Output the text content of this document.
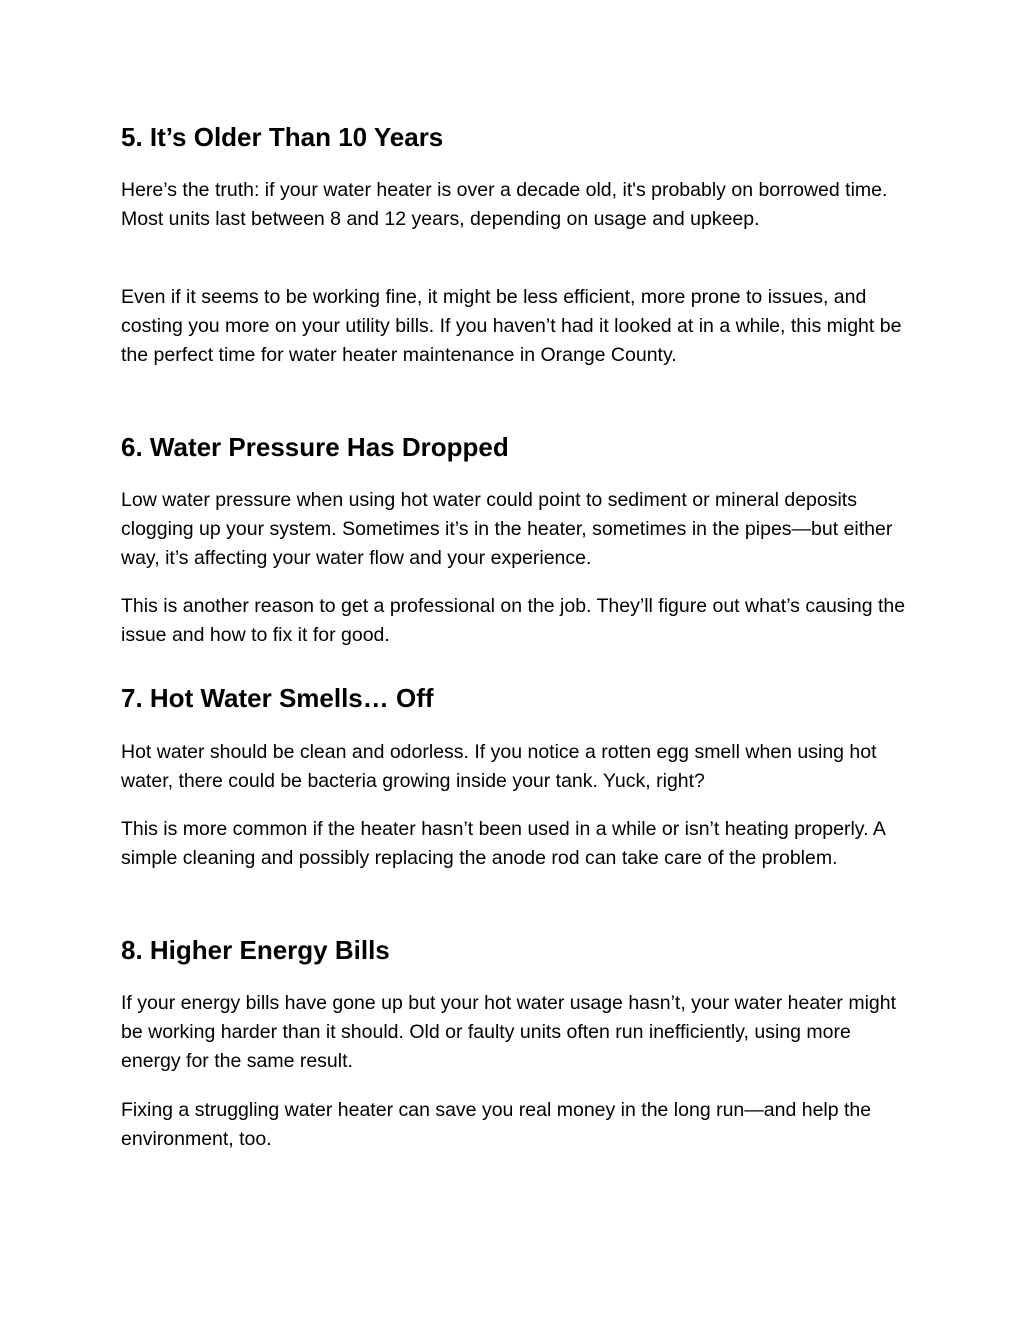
5. It’s Older Than 10 Years

Here’s the truth: if your water heater is over a decade old, it's probably on borrowed time. Most units last between 8 and 12 years, depending on usage and upkeep.

Even if it seems to be working fine, it might be less efficient, more prone to issues, and costing you more on your utility bills. If you haven’t had it looked at in a while, this might be the perfect time for water heater maintenance in Orange County.

6. Water Pressure Has Dropped

Low water pressure when using hot water could point to sediment or mineral deposits clogging up your system. Sometimes it’s in the heater, sometimes in the pipes—but either way, it’s affecting your water flow and your experience.

This is another reason to get a professional on the job. They’ll figure out what’s causing the issue and how to fix it for good.

7. Hot Water Smells… Off

Hot water should be clean and odorless. If you notice a rotten egg smell when using hot water, there could be bacteria growing inside your tank. Yuck, right?

This is more common if the heater hasn’t been used in a while or isn’t heating properly. A simple cleaning and possibly replacing the anode rod can take care of the problem.

8. Higher Energy Bills

If your energy bills have gone up but your hot water usage hasn’t, your water heater might be working harder than it should. Old or faulty units often run inefficiently, using more energy for the same result.

Fixing a struggling water heater can save you real money in the long run—and help the environment, too.
